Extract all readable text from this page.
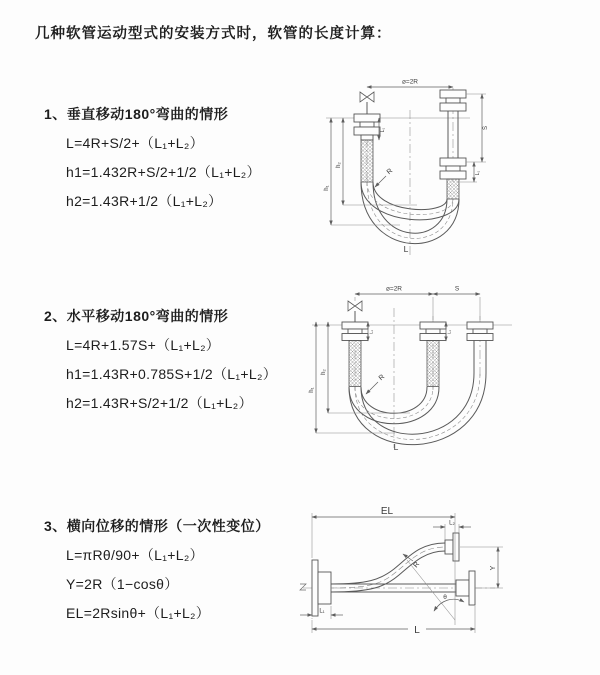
几种软管运动型式的安装方式时，软管的长度计算：
1、垂直移动180°弯曲的情形
L=4R+S/2+（L₁+L₂）
h1=1.432R+S/2+1/2（L₁+L₂）
h2=1.43R+1/2（L₁+L₂）
⌀=2R
h₁
h₂
L₁	S
L₁
R
L
2、水平移动180°弯曲的情形
L=4R+1.57S+（L₁+L₂）
h1=1.43R+0.785S+1/2（L₁+L₂）
h2=1.43R+S/2+1/2（L₁+L₂）
⌀=2R	S
h₁
h₂
L₁	L₁
R
L
3、横向位移的情形（一次性变位）
L=πRθ/90+（L₁+L₂）
Y=2R（1−cosθ）
EL=2Rsinθ+（L₁+L₂）
θ
R
EL
L₂
Y
L₁
L
